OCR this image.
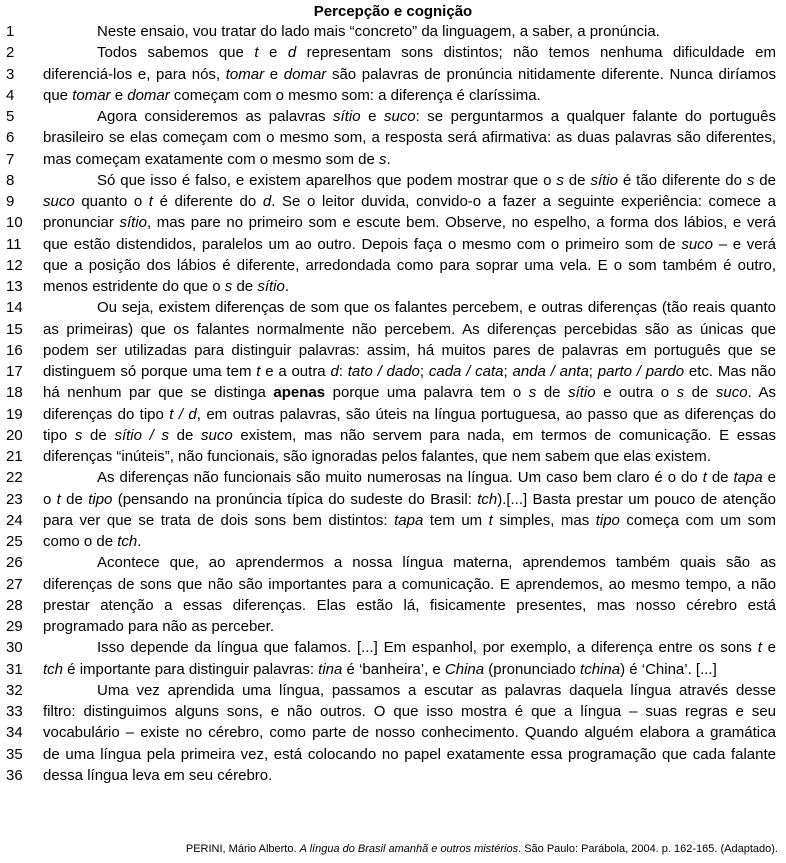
Percepção e cognição
1	Neste ensaio, vou tratar do lado mais “concreto” da linguagem, a saber, a pronúncia.
2	Todos sabemos que t e d representam sons distintos; não temos nenhuma dificuldade em
3	diferenciá-los e, para nós, tomar e domar são palavras de pronúncia nitidamente diferente. Nunca diríamos
4	que tomar e domar começam com o mesmo som: a diferença é claríssima.
5	Agora consideremos as palavras sítio e suco: se perguntarmos a qualquer falante do português
6	brasileiro se elas começam com o mesmo som, a resposta será afirmativa: as duas palavras são diferentes,
7	mas começam exatamente com o mesmo som de s.
8	Só que isso é falso, e existem aparelhos que podem mostrar que o s de sítio é tão diferente do s de
9	suco quanto o t é diferente do d. Se o leitor duvida, convido-o a fazer a seguinte experiência: comece a
10	pronunciar sítio, mas pare no primeiro som e escute bem. Observe, no espelho, a forma dos lábios, e verá
11	que estão distendidos, paralelos um ao outro. Depois faça o mesmo com o primeiro som de suco – e verá
12	que a posição dos lábios é diferente, arredondada como para soprar uma vela. E o som também é outro,
13	menos estridente do que o s de sítio.
14	Ou seja, existem diferenças de som que os falantes percebem, e outras diferenças (tão reais quanto
15	as primeiras) que os falantes normalmente não percebem. As diferenças percebidas são as únicas que
16	podem ser utilizadas para distinguir palavras: assim, há muitos pares de palavras em português que se
17	distinguem só porque uma tem t e a outra d: tato / dado; cada / cata; anda / anta; parto / pardo etc. Mas não
18	há nenhum par que se distinga apenas porque uma palavra tem o s de sítio e outra o s de suco. As
19	diferenças do tipo t / d, em outras palavras, são úteis na língua portuguesa, ao passo que as diferenças do
20	tipo s de sítio / s de suco existem, mas não servem para nada, em termos de comunicação. E essas
21	diferenças “inúteis”, não funcionais, são ignoradas pelos falantes, que nem sabem que elas existem.
22	As diferenças não funcionais são muito numerosas na língua. Um caso bem claro é o do t de tapa e
23	o t de tipo (pensando na pronúncia típica do sudeste do Brasil: tch).[...] Basta prestar um pouco de atenção
24	para ver que se trata de dois sons bem distintos: tapa tem um t simples, mas tipo começa com um som
25	como o de tch.
26	Acontece que, ao aprendermos a nossa língua materna, aprendemos também quais são as
27	diferenças de sons que não são importantes para a comunicação. E aprendemos, ao mesmo tempo, a não
28	prestar atenção a essas diferenças. Elas estão lá, fisicamente presentes, mas nosso cérebro está
29	programado para não as perceber.
30	Isso depende da língua que falamos. [...] Em espanhol, por exemplo, a diferença entre os sons t e
31	tch é importante para distinguir palavras: tina é ‘banheira’, e China (pronunciado tchina) é ‘China’. [...]
32	Uma vez aprendida uma língua, passamos a escutar as palavras daquela língua através desse
33	filtro: distinguimos alguns sons, e não outros. O que isso mostra é que a língua – suas regras e seu
34	vocabulário – existe no cérebro, como parte de nosso conhecimento. Quando alguém elabora a gramática
35	de uma língua pela primeira vez, está colocando no papel exatamente essa programação que cada falante
36	dessa língua leva em seu cérebro.
PERINI, Mário Alberto. A língua do Brasil amanhã e outros mistérios. São Paulo: Parábola, 2004. p. 162-165. (Adaptado).
